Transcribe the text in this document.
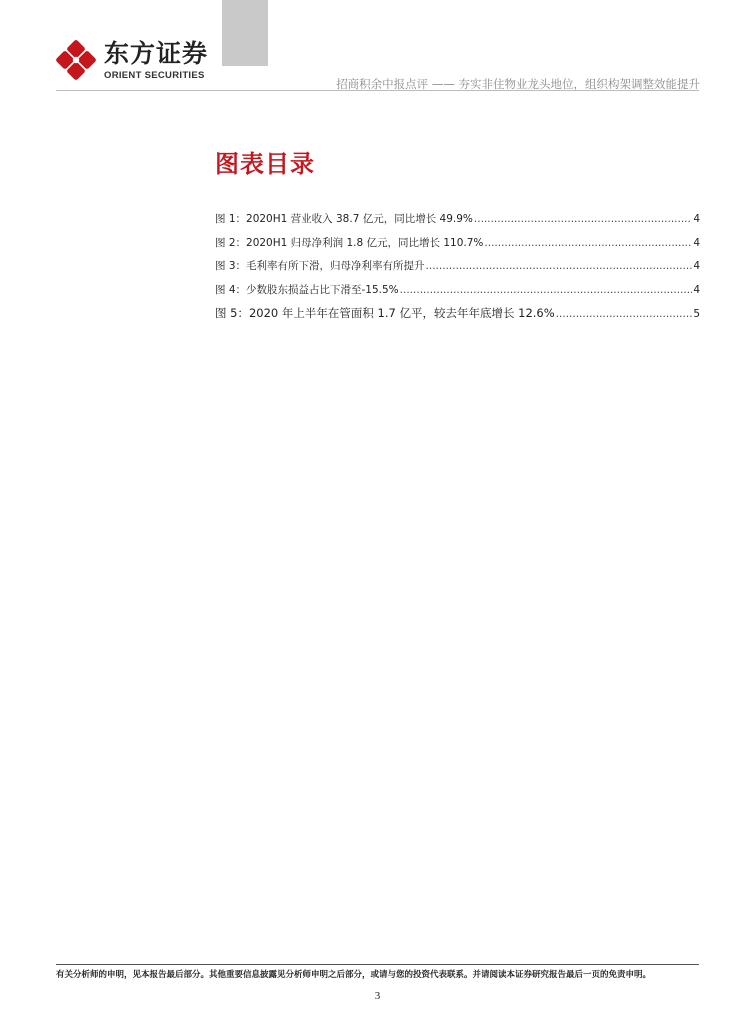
东方证券
ORIENT SECURITIES
招商积余中报点评 —— 夯实非住物业龙头地位，组织构架调整效能提升
图表目录
图 1：2020H1 营业收入 38.7 亿元，同比增长 49.9% .....	4
图 2：2020H1 归母净利润 1.8 亿元，同比增长 110.7% .....	4
图 3：毛利率有所下滑，归母净利率有所提升 .....	4
图 4：少数股东损益占比下滑至-15.5% .....	4
图 5：2020 年上半年在管面积 1.7 亿平，较去年年底增长 12.6% .....	5
有关分析师的申明，见本报告最后部分。其他重要信息披露见分析师申明之后部分，或请与您的投资代表联系。并请阅读本证券研究报告最后一页的免责申明。
3
